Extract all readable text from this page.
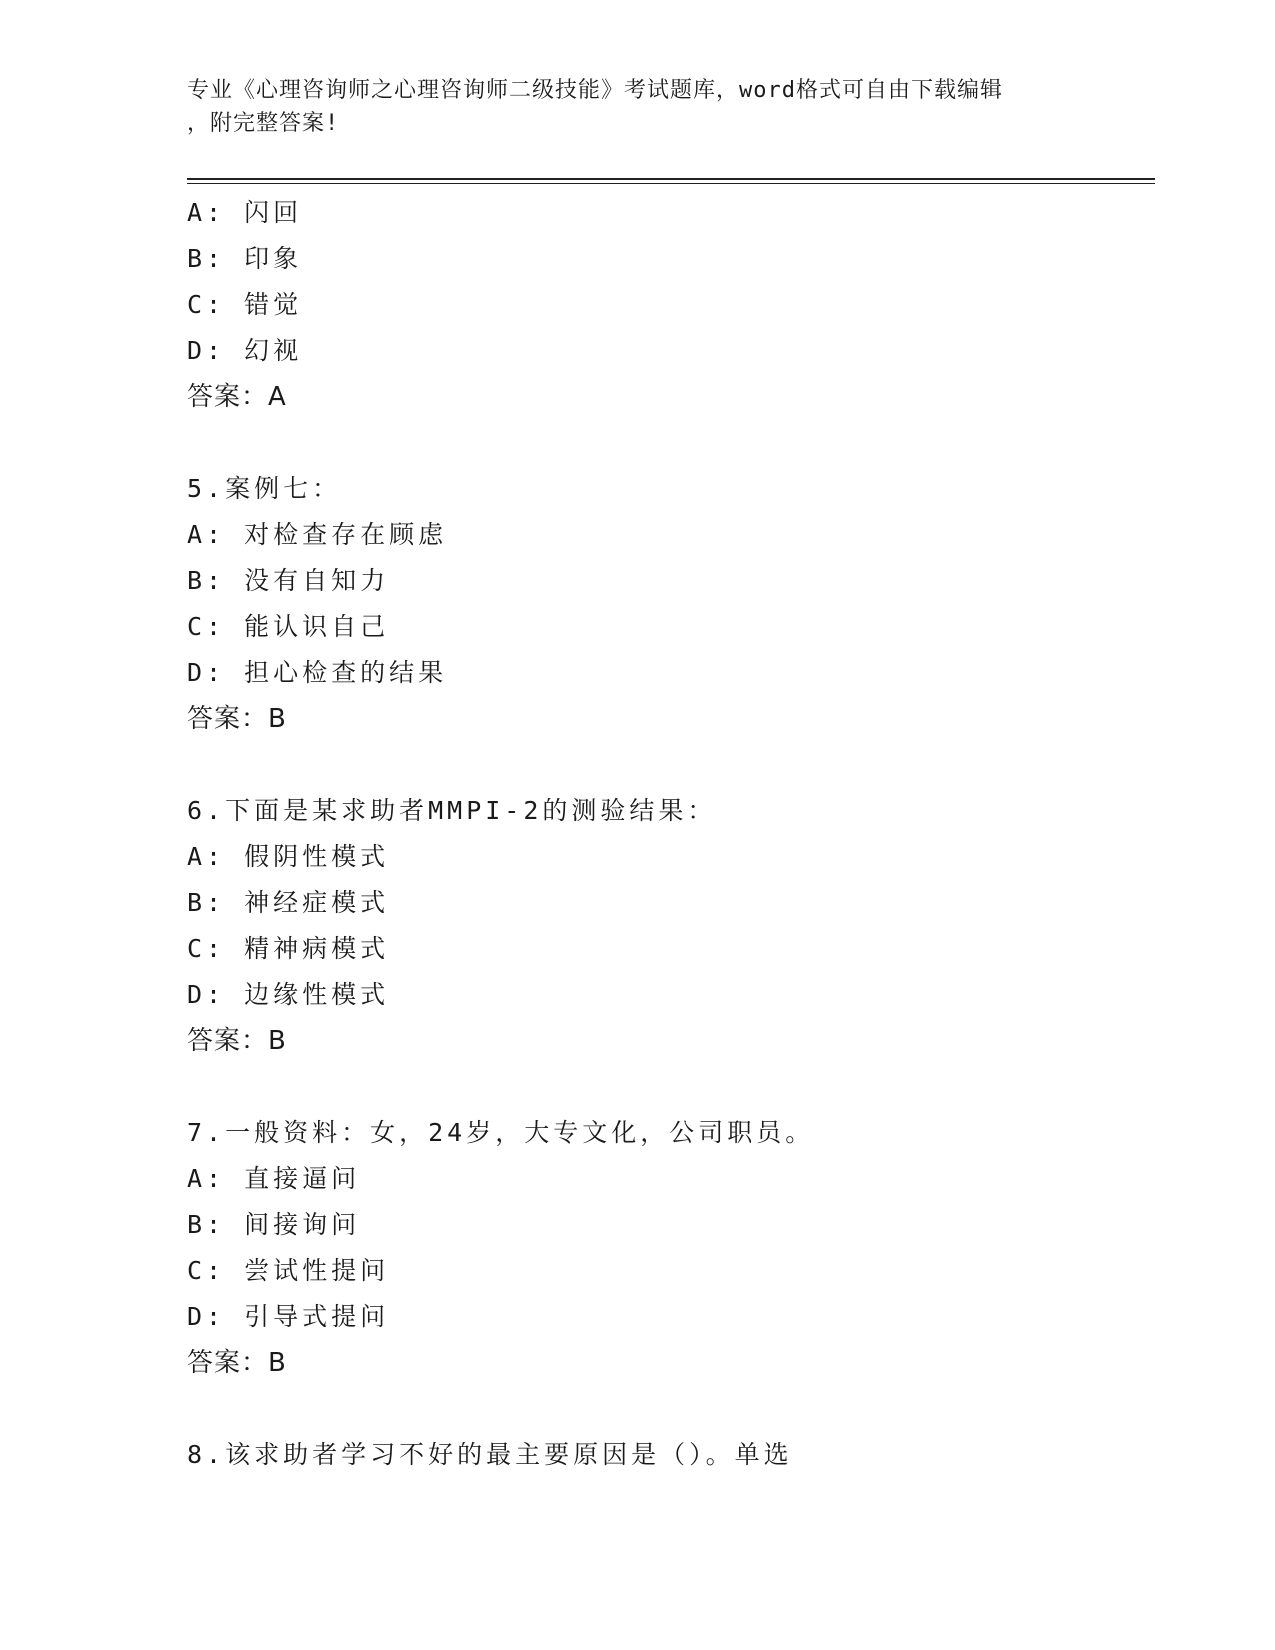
专业《心理咨询师之心理咨询师二级技能》考试题库，word格式可自由下载编辑
，附完整答案!
A: 闪回
B: 印象
C: 错觉
D: 幻视
答案：A
5.案例七：
A: 对检查存在顾虑
B: 没有自知力
C: 能认识自己
D: 担心检查的结果
答案：B
6.下面是某求助者MMPI-2的测验结果：
A: 假阴性模式
B: 神经症模式
C: 精神病模式
D: 边缘性模式
答案：B
7.一般资料：女，24岁，大专文化，公司职员。
A: 直接逼问
B: 间接询问
C: 尝试性提问
D: 引导式提问
答案：B
8.该求助者学习不好的最主要原因是（）。单选
